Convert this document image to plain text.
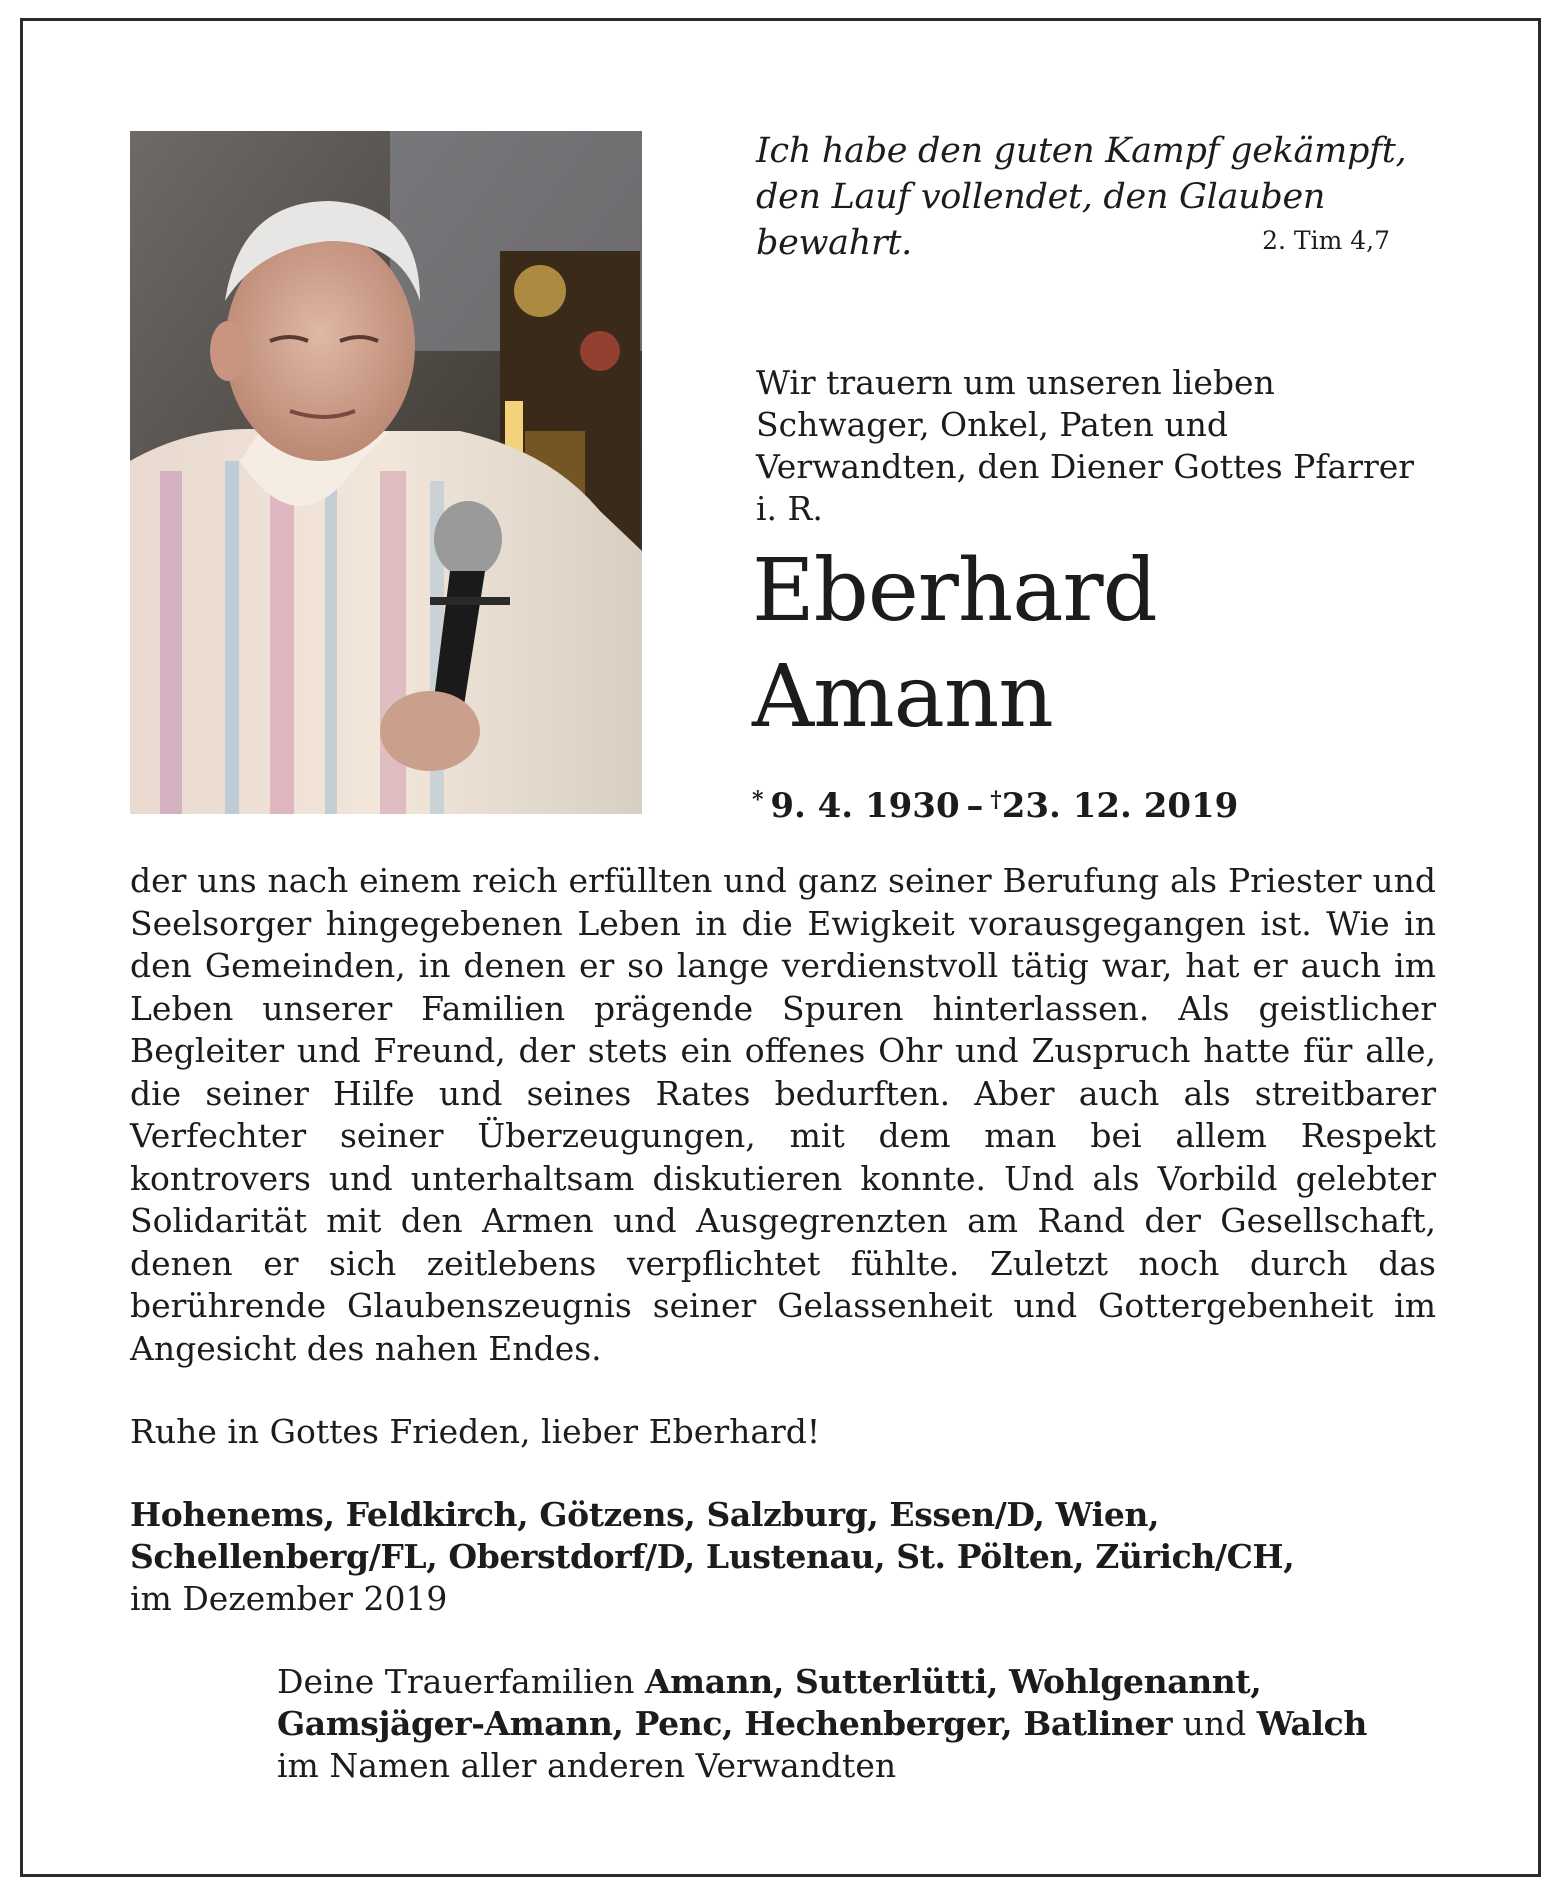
Ich habe den guten Kampf gekämpft,

den Lauf vollendet, den Glauben bewahrt.	2. Tim 4,7

Wir trauern um unseren lieben Schwager, Onkel, Paten und Verwandten, den Diener Gottes Pfarrer i. R.

Eberhard
Amann

*  9. 4. 1930  –  †23. 12. 2019

der uns nach einem reich erfüllten und ganz seiner Berufung als Priester und Seelsorger hingegebenen Leben in die Ewigkeit vorausgegangen ist. Wie in den Gemeinden, in denen er so lange verdienstvoll tätig war, hat er auch im Leben unserer Familien prägende Spuren hinterlassen. Als geistlicher Begleiter und Freund, der stets ein offenes Ohr und Zuspruch hatte für alle, die seiner Hilfe und seines Rates bedurften. Aber auch als streitbarer Verfechter seiner Überzeugungen, mit dem man bei allem Respekt kontrovers und unterhaltsam diskutieren konnte. Und als Vorbild gelebter Solidarität mit den Armen und Ausgegrenzten am Rand der Gesellschaft, denen er sich zeitlebens verpflichtet fühlte. Zuletzt noch durch das berührende Glaubenszeugnis seiner Gelassenheit und Gottergebenheit im Angesicht des nahen Endes.

Ruhe in Gottes Frieden, lieber Eberhard!

Hohenems, Feldkirch, Götzens, Salzburg, Essen/D, Wien,
Schellenberg/FL, Oberstdorf/D, Lustenau, St. Pölten, Zürich/CH,
im Dezember 2019

Deine Trauerfamilien Amann, Sutterlütti, Wohlgenannt,
Gamsjäger-Amann, Penc, Hechenberger, Batliner und Walch
im Namen aller anderen Verwandten
